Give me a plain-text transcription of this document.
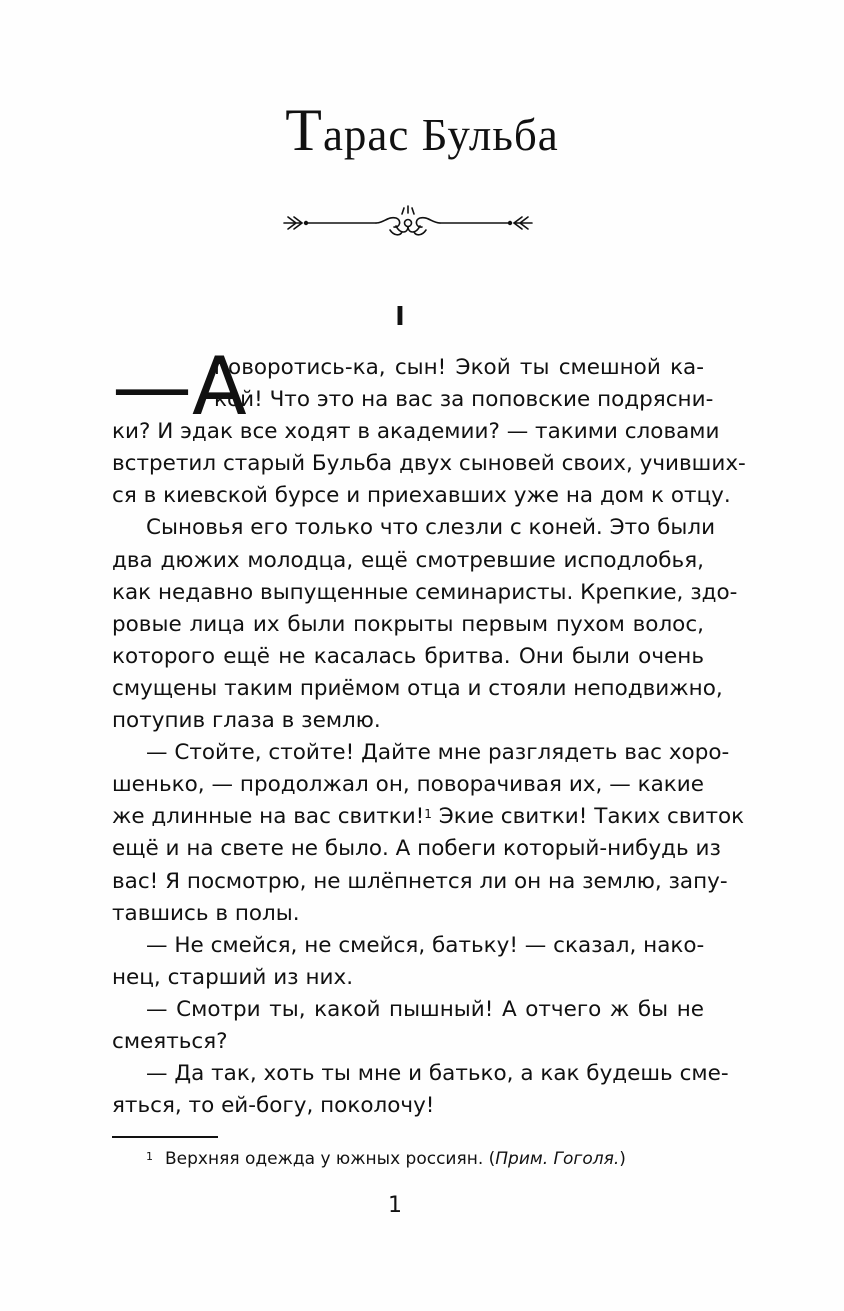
Тарас Бульба
I
—А
поворотись-ка, сын! Экой ты смешной ка-
кой! Что это на вас за поповские подрясни-
ки? И эдак все ходят в академии? — такими словами
встретил старый Бульба двух сыновей своих, учивших-
ся в киевской бурсе и приехавших уже на дом к отцу.
Сыновья его только что слезли с коней. Это были
два дюжих молодца, ещё смотревшие исподлобья,
как недавно выпущенные семинаристы. Крепкие, здо-
ровые лица их были покрыты первым пухом волос,
которого ещё не касалась бритва. Они были очень
смущены таким приёмом отца и стояли неподвижно,
потупив глаза в землю.
— Стойте, стойте! Дайте мне разглядеть вас хоро-
шенько, — продолжал он, поворачивая их, — какие
же длинные на вас свитки!$^1$ Экие свитки! Таких свиток
ещё и на свете не было. А побеги который-нибудь из
вас! Я посмотрю, не шлёпнется ли он на землю, запу-
тавшись в полы.
— Не смейся, не смейся, батьку! — сказал, нако-
нец, старший из них.
— Смотри ты, какой пышный! А отчего ж бы не
смеяться?
— Да так, хоть ты мне и батько, а как будешь сме-
яться, то ей-богу, поколочу!
$^1$ Верхняя одежда у южных россиян. (Прим. Гоголя.)
1
